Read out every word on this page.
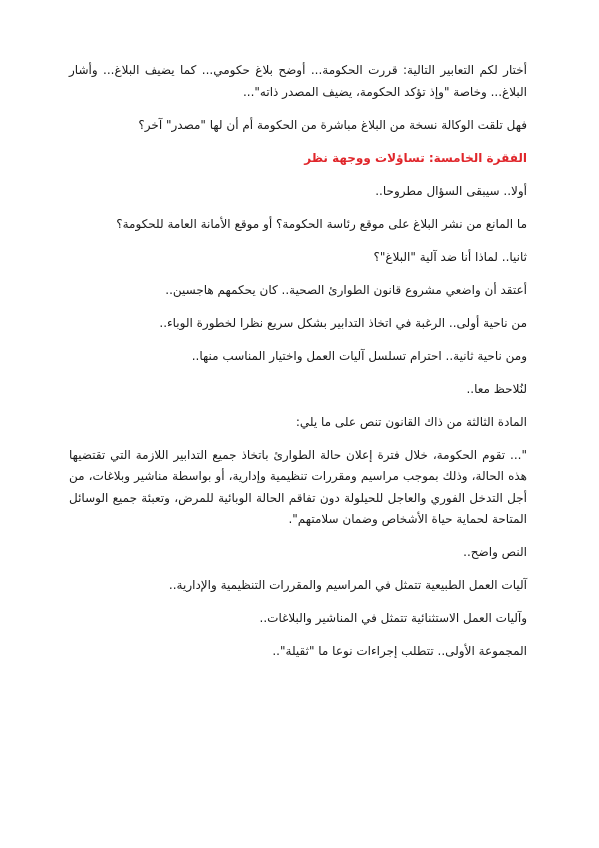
أختار لكم التعابير التالية: قررت الحكومة... أوضح بلاغ حكومي... كما يضيف البلاغ... وأشار البلاغ... وخاصة "وإذ تؤكد الحكومة، يضيف المصدر ذاته"...

فهل تلقت الوكالة نسخة من البلاغ مباشرة من الحكومة أم أن لها "مصدر" آخر؟

الفقرة الخامسة: تساؤلات ووجهة نظر

أولا.. سيبقى السؤال مطروحا..

ما المانع من نشر البلاغ على موقع رئاسة الحكومة؟ أو موقع الأمانة العامة للحكومة؟

ثانيا.. لماذا أنا ضد آلية "البلاغ"؟

أعتقد أن واضعي مشروع قانون الطوارئ الصحية.. كان يحكمهم هاجسين..

من ناحية أولى.. الرغبة في اتخاذ التدابير بشكل سريع نظرا لخطورة الوباء..

ومن ناحية ثانية.. احترام تسلسل آليات العمل واختيار المناسب منها..

لنُلاحظ معا..

المادة الثالثة من ذاك القانون تنص على ما يلي:

"... تقوم الحكومة، خلال فترة إعلان حالة الطوارئ باتخاذ جميع التدابير اللازمة التي تقتضيها هذه الحالة، وذلك بموجب مراسيم ومقررات تنظيمية وإدارية، أو بواسطة مناشير وبلاغات، من أجل التدخل الفوري والعاجل للحيلولة دون تفاقم الحالة الوبائية للمرض، وتعبئة جميع الوسائل المتاحة لحماية حياة الأشخاص وضمان سلامتهم".

النص واضح..

آليات العمل الطبيعية تتمثل في المراسيم والمقررات التنظيمية والإدارية..

وآليات العمل الاستثنائية تتمثل في المناشير والبلاغات..

المجموعة الأولى.. تتطلب إجراءات نوعا ما "ثقيلة"..
